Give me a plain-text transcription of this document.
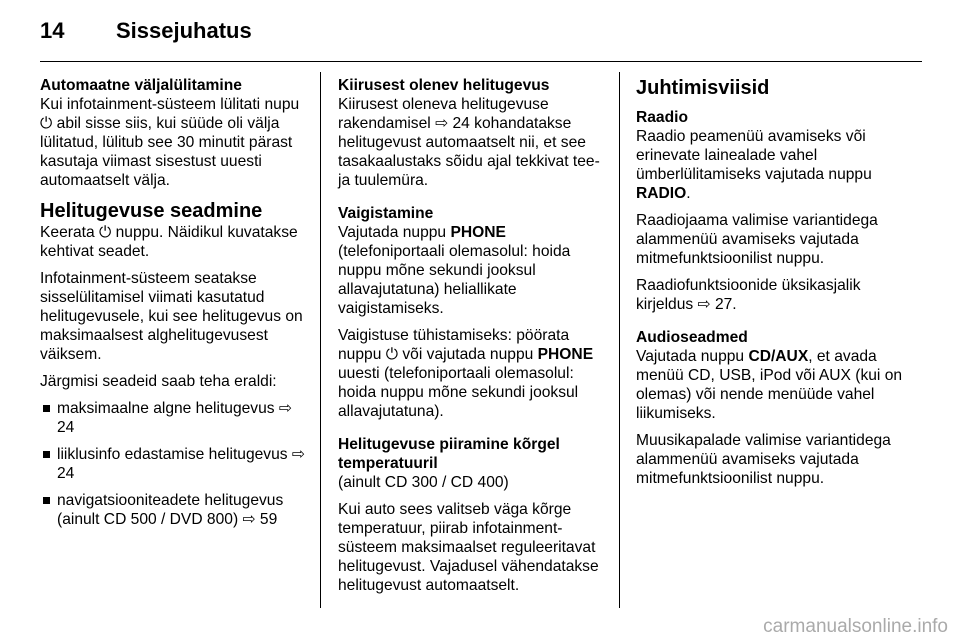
14 Sissejuhatus
Automaatne väljalülitamine

Kui infotainment-süsteem lülitati nupu ⏻ abil sisse siis, kui süüde oli välja lülitatud, lülitub see 30 minutit pärast kasutaja viimast sisestust uuesti automaatselt välja.

Helitugevuse seadmine

Keerata ⏻ nuppu. Näidikul kuvatakse kehtivat seadet.

Infotainment-süsteem seatakse sisselülitamisel viimati kasutatud helitugevusele, kui see helitugevus on maksimaalsest alghelitugevusest väiksem.

Järgmisi seadeid saab teha eraldi:

maksimaalne algne helitugevus ⇨ 24
liiklusinfo edastamise helitugevus ⇨ 24
navigatsiooniteadete helitugevus (ainult CD 500 / DVD 800) ⇨ 59
Kiirusest olenev helitugevus

Kiirusest oleneva helitugevuse rakendamisel ⇨ 24 kohandatakse helitugevust automaatselt nii, et see tasakaalustaks sõidu ajal tekkivat tee- ja tuulemüra.

Vaigistamine

Vajutada nuppu PHONE (telefoniportaali olemasolul: hoida nuppu mõne sekundi jooksul allavajutatuna) heliallikate vaigistamiseks.

Vaigistuse tühistamiseks: pöörata nuppu ⏻ või vajutada nuppu PHONE uuesti (telefoniportaali olemasolul: hoida nuppu mõne sekundi jooksul allavajutatuna).

Helitugevuse piiramine kõrgel temperatuuril

(ainult CD 300 / CD 400)

Kui auto sees valitseb väga kõrge temperatuur, piirab infotainment-süsteem maksimaalset reguleeritavat helitugevust. Vajadusel vähendatakse helitugevust automaatselt.

Juhtimisviisid
Raadio

Raadio peamenüü avamiseks või erinevate lainealade vahel ümberlülitamiseks vajutada nuppu RADIO.

Raadiojaama valimise variantidega alammenüü avamiseks vajutada mitmefunktsioonilist nuppu.

Raadiofunktsioonide üksikasjalik kirjeldus ⇨ 27.

Audioseadmed

Vajutada nuppu CD/AUX, et avada menüü CD, USB, iPod või AUX (kui on olemas) või nende menüüde vahel liikumiseks.

Muusikapalade valimise variantidega alammenüü avamiseks vajutada mitmefunktsioonilist nuppu.

carmanualsonline.info
